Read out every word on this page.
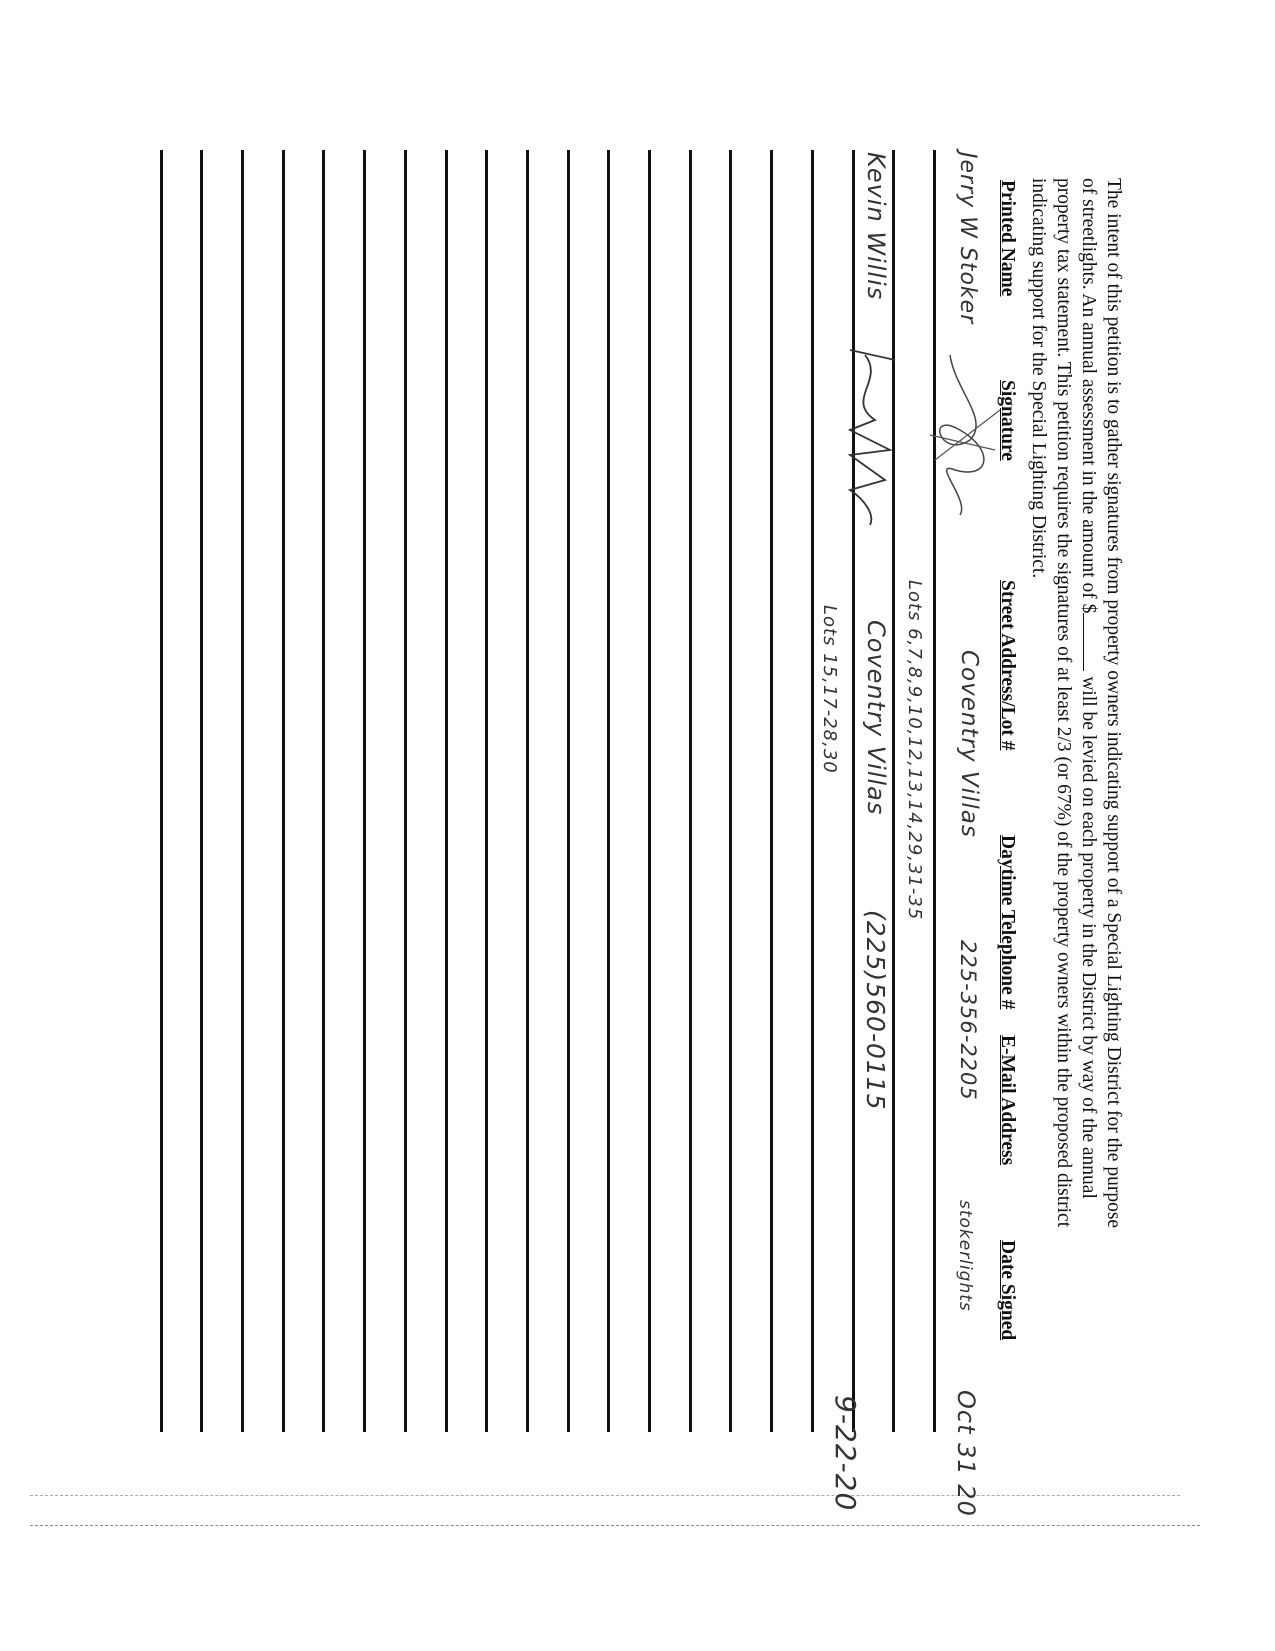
The intent of this petition is to gather signatures from property owners indicating support of a Special Lighting District for the purpose
of streetlights. An annual assessment in the amount of $ will be levied on each property in the District by way of the annual
property tax statement. This petition requires the signatures of at least 2/3 (or 67%) of the property owners within the proposed district
indicating support for the Special Lighting District.
Printed Name
Signature
Street Address/Lot #
Daytime Telephone #
E-Mail Address
Date Signed
Jerry W Stoker
Coventry Villas
Lots 6,7,8,9,10,12,13,14,29,31-35
225-356-2205
stokerlights
Oct 31 20
Kevin Willis
Coventry Villas
Lots 15,17-28,30
(225)560-0115
9-22-20
